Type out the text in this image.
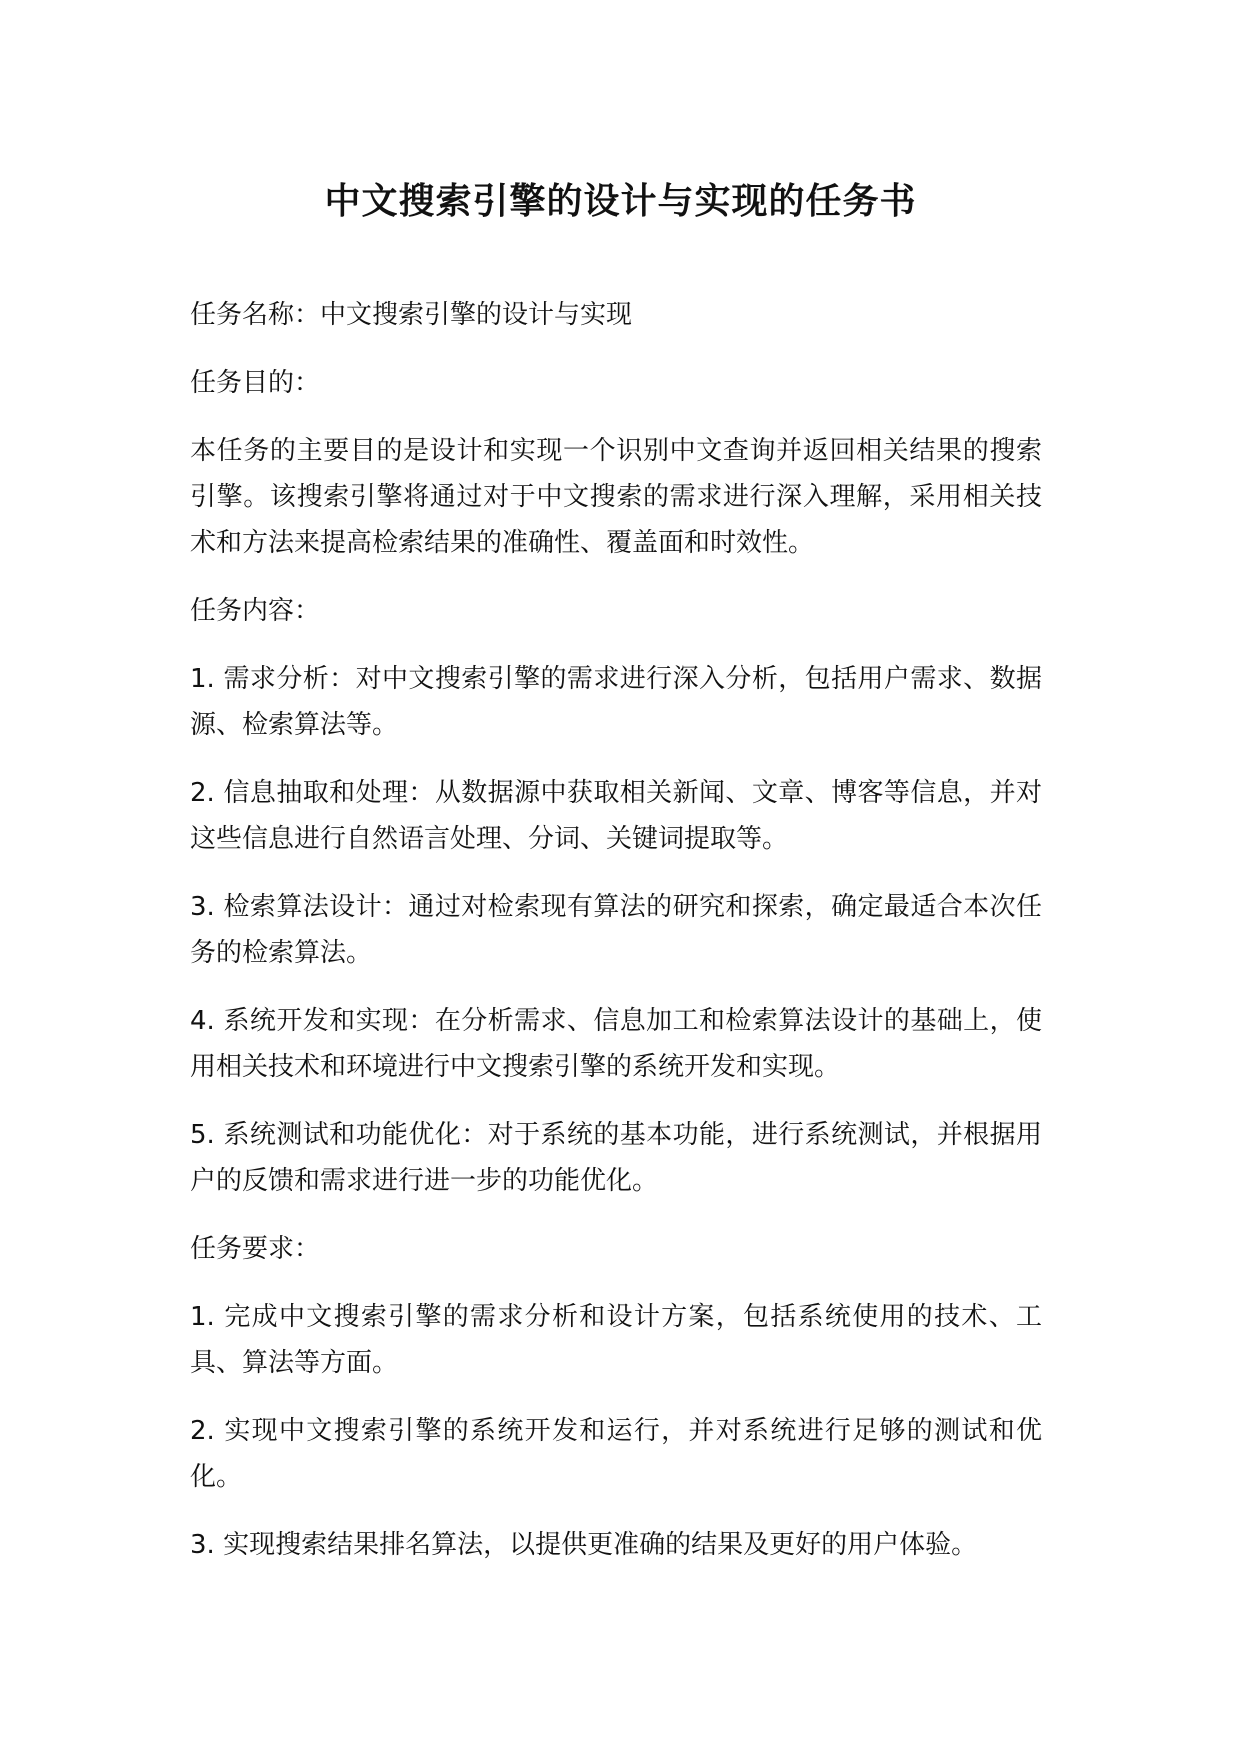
中文搜索引擎的设计与实现的任务书

任务名称：中文搜索引擎的设计与实现

任务目的：

本任务的主要目的是设计和实现一个识别中文查询并返回相关结果的搜索引擎。该搜索引擎将通过对于中文搜索的需求进行深入理解，采用相关技术和方法来提高检索结果的准确性、覆盖面和时效性。

任务内容：

1. 需求分析：对中文搜索引擎的需求进行深入分析，包括用户需求、数据源、检索算法等。

2. 信息抽取和处理：从数据源中获取相关新闻、文章、博客等信息，并对这些信息进行自然语言处理、分词、关键词提取等。

3. 检索算法设计：通过对检索现有算法的研究和探索，确定最适合本次任务的检索算法。

4. 系统开发和实现：在分析需求、信息加工和检索算法设计的基础上，使用相关技术和环境进行中文搜索引擎的系统开发和实现。

5. 系统测试和功能优化：对于系统的基本功能，进行系统测试，并根据用户的反馈和需求进行进一步的功能优化。

任务要求：

1. 完成中文搜索引擎的需求分析和设计方案，包括系统使用的技术、工具、算法等方面。

2. 实现中文搜索引擎的系统开发和运行，并对系统进行足够的测试和优化。

3. 实现搜索结果排名算法，以提供更准确的结果及更好的用户体验。
